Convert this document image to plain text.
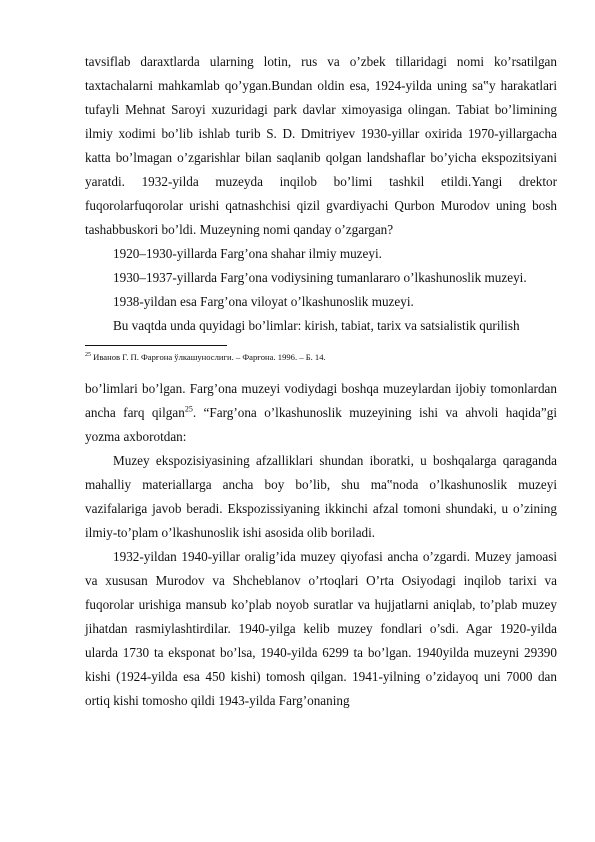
tavsiflab daraxtlarda ularning lotin, rus va o’zbek tillaridagi nomi ko’rsatilgan taxtachalarni mahkamlab qo’ygan.Bundan oldin esa, 1924-yilda uning sa‟y harakatlari tufayli Mehnat Saroyi xuzuridagi park davlar ximoyasiga olingan. Tabiat bo’limining ilmiy xodimi bo’lib ishlab turib S. D. Dmitriyev 1930-yillar oxirida 1970-yillargacha katta bo’lmagan o’zgarishlar bilan saqlanib qolgan landshaflar bo’yicha ekspozitsiyani yaratdi. 1932-yilda muzeyda inqilob bo’limi tashkil etildi.Yangi drektor fuqorolarfuqorolar urishi qatnashchisi qizil gvardiyachi Qurbon Murodov uning bosh tashabbuskori bo’ldi. Muzeyning nomi qanday o’zgargan?

1920–1930-yillarda Farg’ona shahar ilmiy muzeyi.

1930–1937-yillarda Farg’ona vodiysining tumanlararo o’lkashunoslik muzeyi.

1938-yildan esa Farg’ona viloyat o’lkashunoslik muzeyi.

Bu vaqtda unda quyidagi bo’limlar: kirish, tabiat, tarix va satsialistik qurilish

$^{25}$ Иванов Г. П. Фарғона ўлкашунослиги. – Фарғона. 1996. – Б. 14.

bo’limlari bo’lgan. Farg’ona muzeyi vodiydagi boshqa muzeylardan ijobiy tomonlardan ancha farq qilgan$^{25}$. “Farg’ona o’lkashunoslik muzeyining ishi va ahvoli haqida”gi yozma axborotdan:

Muzey ekspozisiyasining afzalliklari shundan iboratki, u boshqalarga qaraganda mahalliy materiallarga ancha boy bo’lib, shu ma‟noda o’lkashunoslik muzeyi vazifalariga javob beradi. Ekspozissiyaning ikkinchi afzal tomoni shundaki, u o’zining ilmiy-to’plam o’lkashunoslik ishi asosida olib boriladi.

1932-yildan 1940-yillar oralig’ida muzey qiyofasi ancha o’zgardi. Muzey jamoasi va xususan Murodov va Shcheblanov o’rtoqlari O’rta Osiyodagi inqilob tarixi va fuqorolar urishiga mansub ko’plab noyob suratlar va hujjatlarni aniqlab, to’plab muzey jihatdan rasmiylashtirdilar. 1940-yilga kelib muzey fondlari o’sdi. Agar 1920-yilda ularda 1730 ta eksponat bo’lsa, 1940-yilda 6299 ta bo’lgan. 1940yilda muzeyni 29390 kishi (1924-yilda esa 450 kishi) tomosh qilgan. 1941-yilning o’zidayoq uni 7000 dan ortiq kishi tomosho qildi 1943-yilda Farg’onaning
